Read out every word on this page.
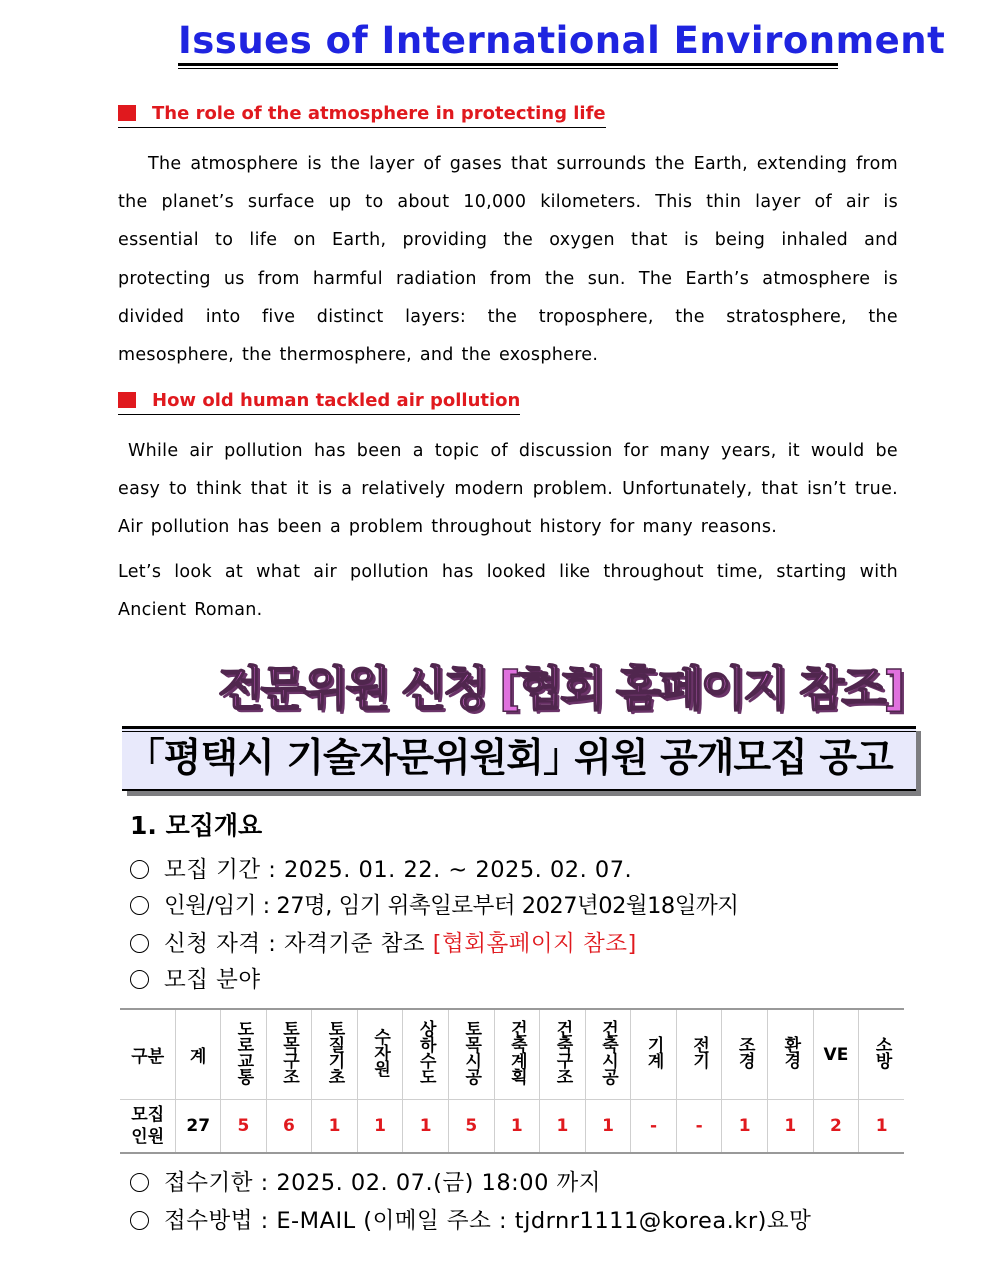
Issues of International Environment
The role of the atmosphere in protecting life
The atmosphere is the layer of gases that surrounds the Earth, extending from the planet’s surface up to about 10,000 kilometers. This thin layer of air is essential to life on Earth, providing the oxygen that is being inhaled and protecting us from harmful radiation from the sun. The Earth’s atmosphere is divided into five distinct layers: the troposphere, the stratosphere, the mesosphere, the thermosphere, and the exosphere.
How old human tackled air pollution
While air pollution has been a topic of discussion for many years, it would be easy to think that it is a relatively modern problem. Unfortunately, that isn’t true. Air pollution has been a problem throughout history for many reasons.
Let’s look at what air pollution has looked like throughout time, starting with Ancient Roman.
전문위원 신청 [협회 홈페이지 참조]
｢평택시 기술자문위원회｣ 위원 공개모집 공고
1. 모집개요
모집 기간 : 2025. 01. 22. ~ 2025. 02. 07.
인원/임기 : 27명, 임기 위촉일로부터 2027년02월18일까지
신청 자격 : 자격기준 참조 [협회홈페이지 참조]
모집 분야
구분	계	도로교통	토목구조	토질기초	수자원	상하수도	토목시공	건축계획	건축구조	건축시공	기계	전기	조경	환경	VE	소방
모집
인원	27	5	6	1	1	1	5	1	1	1	-	-	1	1	2	1
접수기한 : 2025. 02. 07.(금) 18:00 까지
접수방법 : E-MAIL (이메일 주소 : tjdrnr1111@korea.kr)요망
